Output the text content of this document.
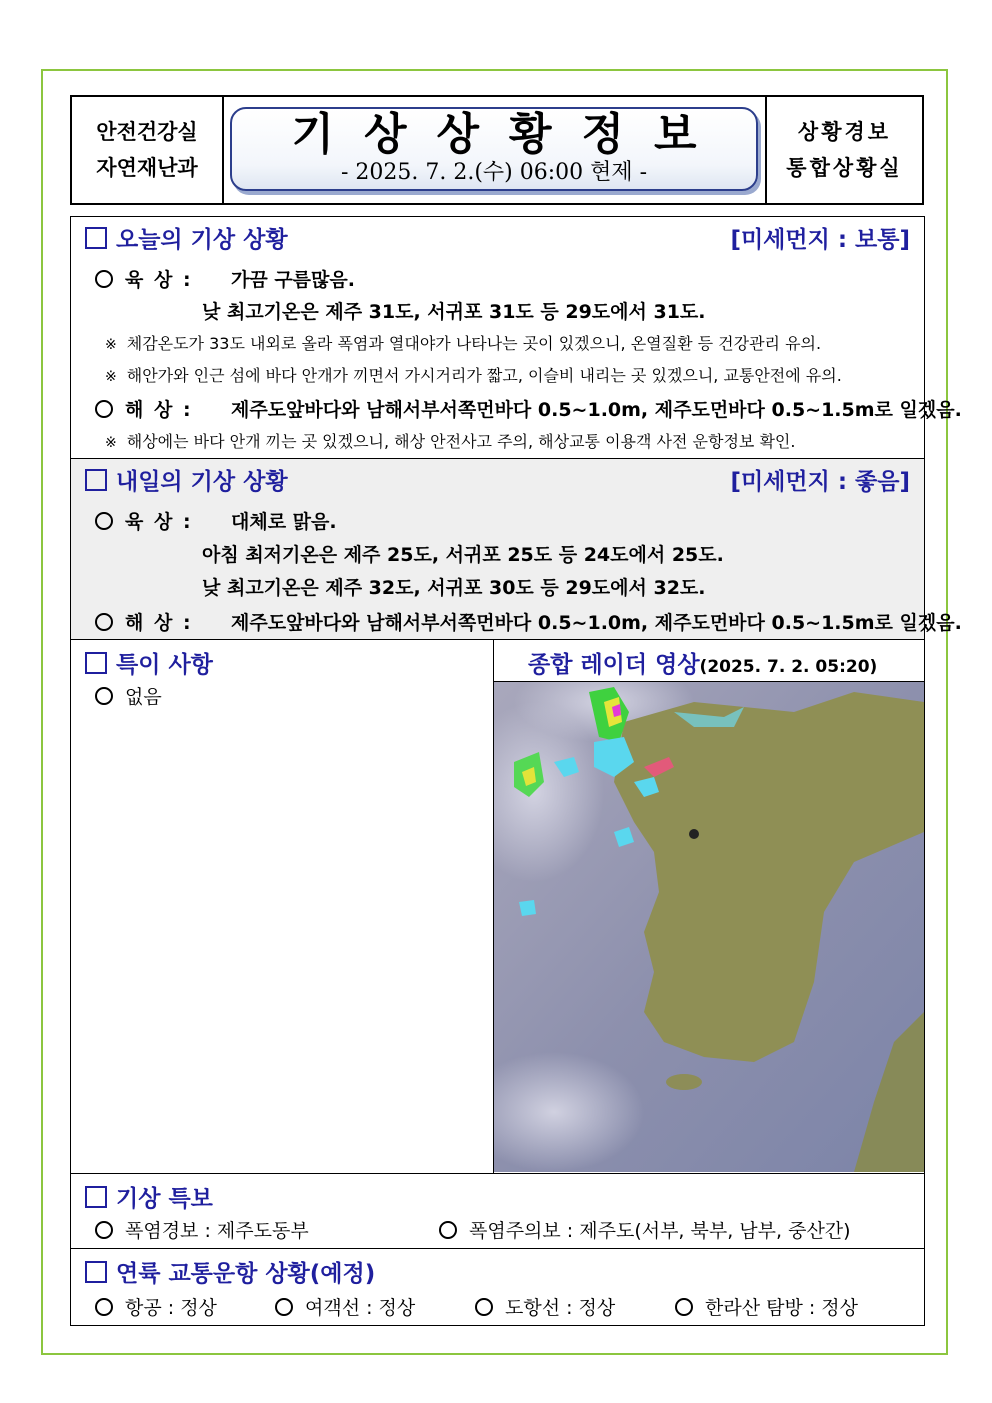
안전건강실
자연재난과
기상상황정보
- 2025. 7. 2.(수) 06:00 현제 -
상황경보
통합상황실
오늘의 기상 상황	[미세먼지 : 보통]
육 상 : 가끔 구름많음.
낮 최고기온은 제주 31도, 서귀포 31도 등 29도에서 31도.
※ 체감온도가 33도 내외로 올라 폭염과 열대야가 나타나는 곳이 있겠으니, 온열질환 등 건강관리 유의.
※ 해안가와 인근 섬에 바다 안개가 끼면서 가시거리가 짧고, 이슬비 내리는 곳 있겠으니, 교통안전에 유의.
해 상 : 제주도앞바다와 남해서부서쪽먼바다 0.5~1.0m, 제주도먼바다 0.5~1.5m로 일겠음.
※ 해상에는 바다 안개 끼는 곳 있겠으니, 해상 안전사고 주의, 해상교통 이용객 사전 운항정보 확인.
내일의 기상 상황	[미세먼지 : 좋음]
육 상 : 대체로 맑음.
아침 최저기온은 제주 25도, 서귀포 25도 등 24도에서 25도.
낮 최고기온은 제주 32도, 서귀포 30도 등 29도에서 32도.
해 상 : 제주도앞바다와 남해서부서쪽먼바다 0.5~1.0m, 제주도먼바다 0.5~1.5m로 일겠음.
특이 사항
없음
종합 레이더 영상(2025. 7. 2. 05:20)
기상 특보
폭염경보 : 제주도동부	폭염주의보 : 제주도(서부, 북부, 남부, 중산간)
연륙 교통운항 상황(예정)
항공 : 정상	여객선 : 정상	도항선 : 정상	한라산 탐방 : 정상
